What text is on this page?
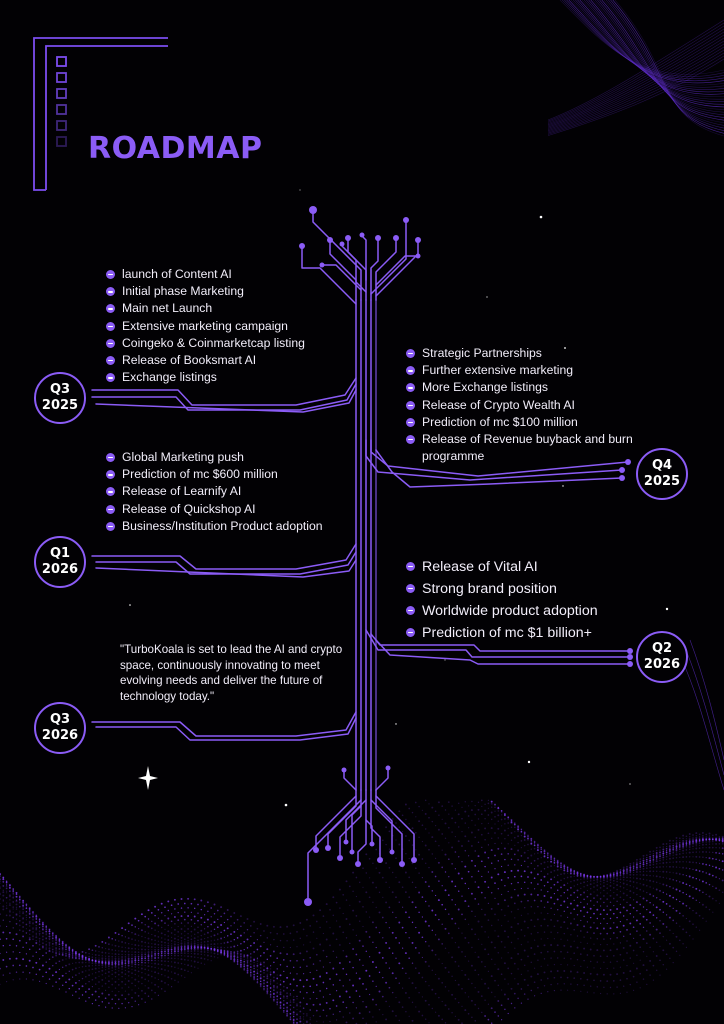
ROADMAP
launch of Content AI
Initial phase Marketing
Main net Launch
Extensive marketing campaign
Coingeko & Coinmarketcap listing
Release of Booksmart AI
Exchange listings
Q3
2025
Strategic Partnerships
Further extensive marketing
More Exchange listings
Release of Crypto Wealth AI
Prediction of mc $100 million
Release of Revenue buyback and burn programme
Q4
2025
Global Marketing push
Prediction of mc $600 million
Release of Learnify AI
Release of Quickshop AI
Business/Institution Product adoption
Q1
2026	Release of Vital AI
Strong brand position
Worldwide product adoption
Prediction of mc $1 billion+
Q2
2026

"TurboKoala is set to lead the AI and crypto space, continuously innovating to meet evolving needs and deliver the future of technology today."

Q3
2026
